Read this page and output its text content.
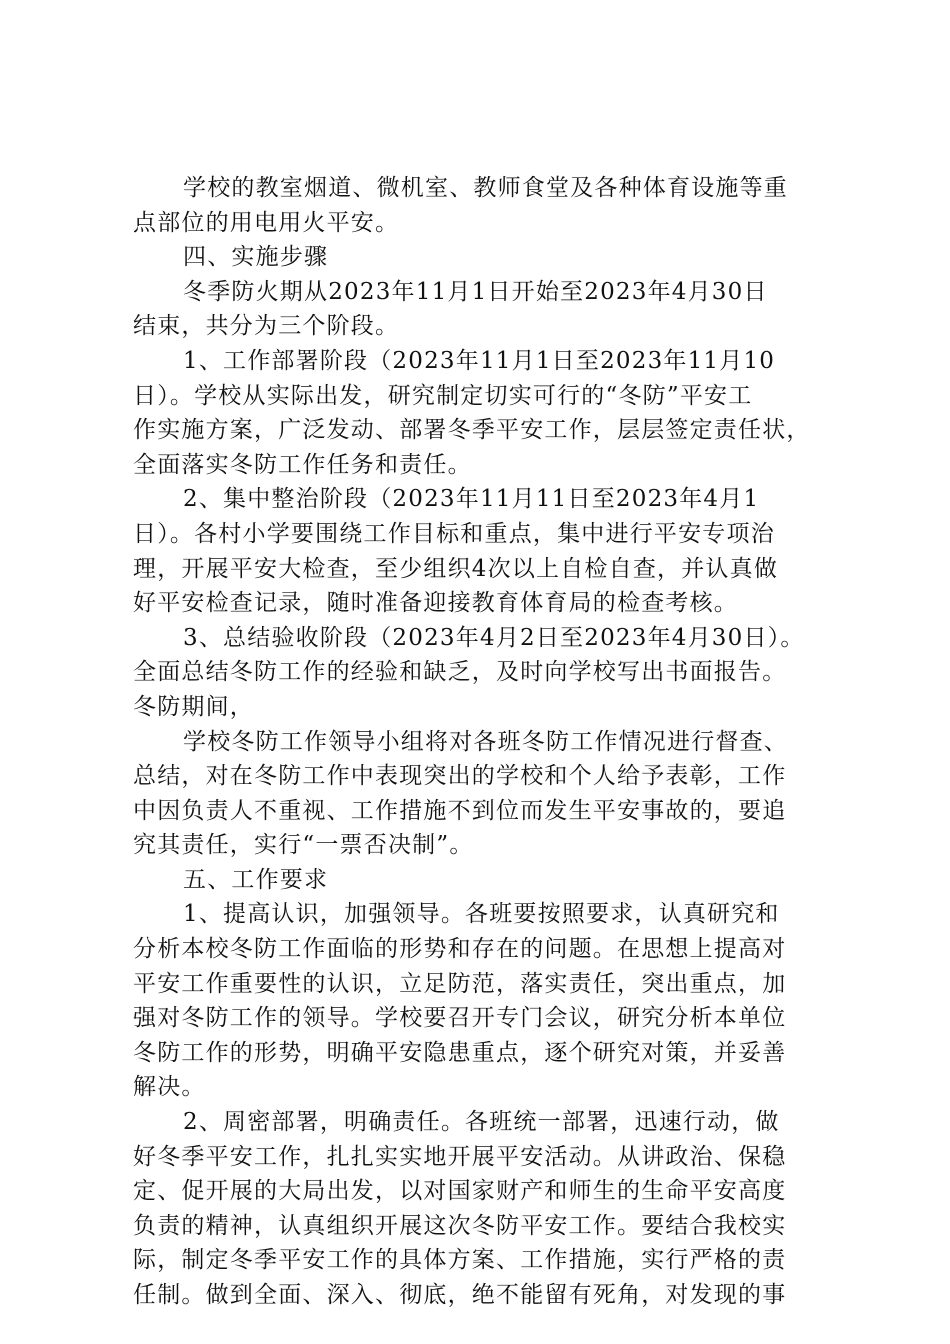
学校的教室烟道、微机室、教师食堂及各种体育设施等重
点部位的用电用火平安。
四、实施步骤
冬季防火期从2023年11月1日开始至2023年4月30日
结束，共分为三个阶段。
1、工作部署阶段（2023年11月1日至2023年11月10
日）。学校从实际出发，研究制定切实可行的“冬防”平安工
作实施方案，广泛发动、部署冬季平安工作，层层签定责任状，
全面落实冬防工作任务和责任。
2、集中整治阶段（2023年11月11日至2023年4月1
日）。各村小学要围绕工作目标和重点，集中进行平安专项治
理，开展平安大检查，至少组织4次以上自检自查，并认真做
好平安检查记录，随时准备迎接教育体育局的检查考核。
3、总结验收阶段（2023年4月2日至2023年4月30日）。
全面总结冬防工作的经验和缺乏，及时向学校写出书面报告。
冬防期间，
学校冬防工作领导小组将对各班冬防工作情况进行督查、
总结，对在冬防工作中表现突出的学校和个人给予表彰，工作
中因负责人不重视、工作措施不到位而发生平安事故的，要追
究其责任，实行“一票否决制”。
五、工作要求
1、提高认识，加强领导。各班要按照要求，认真研究和
分析本校冬防工作面临的形势和存在的问题。在思想上提高对
平安工作重要性的认识，立足防范，落实责任，突出重点，加
强对冬防工作的领导。学校要召开专门会议，研究分析本单位
冬防工作的形势，明确平安隐患重点，逐个研究对策，并妥善
解决。
2、周密部署，明确责任。各班统一部署，迅速行动，做
好冬季平安工作，扎扎实实地开展平安活动。从讲政治、保稳
定、促开展的大局出发，以对国家财产和师生的生命平安高度
负责的精神，认真组织开展这次冬防平安工作。要结合我校实
际，制定冬季平安工作的具体方案、工作措施，实行严格的责
任制。做到全面、深入、彻底，绝不能留有死角，对发现的事
